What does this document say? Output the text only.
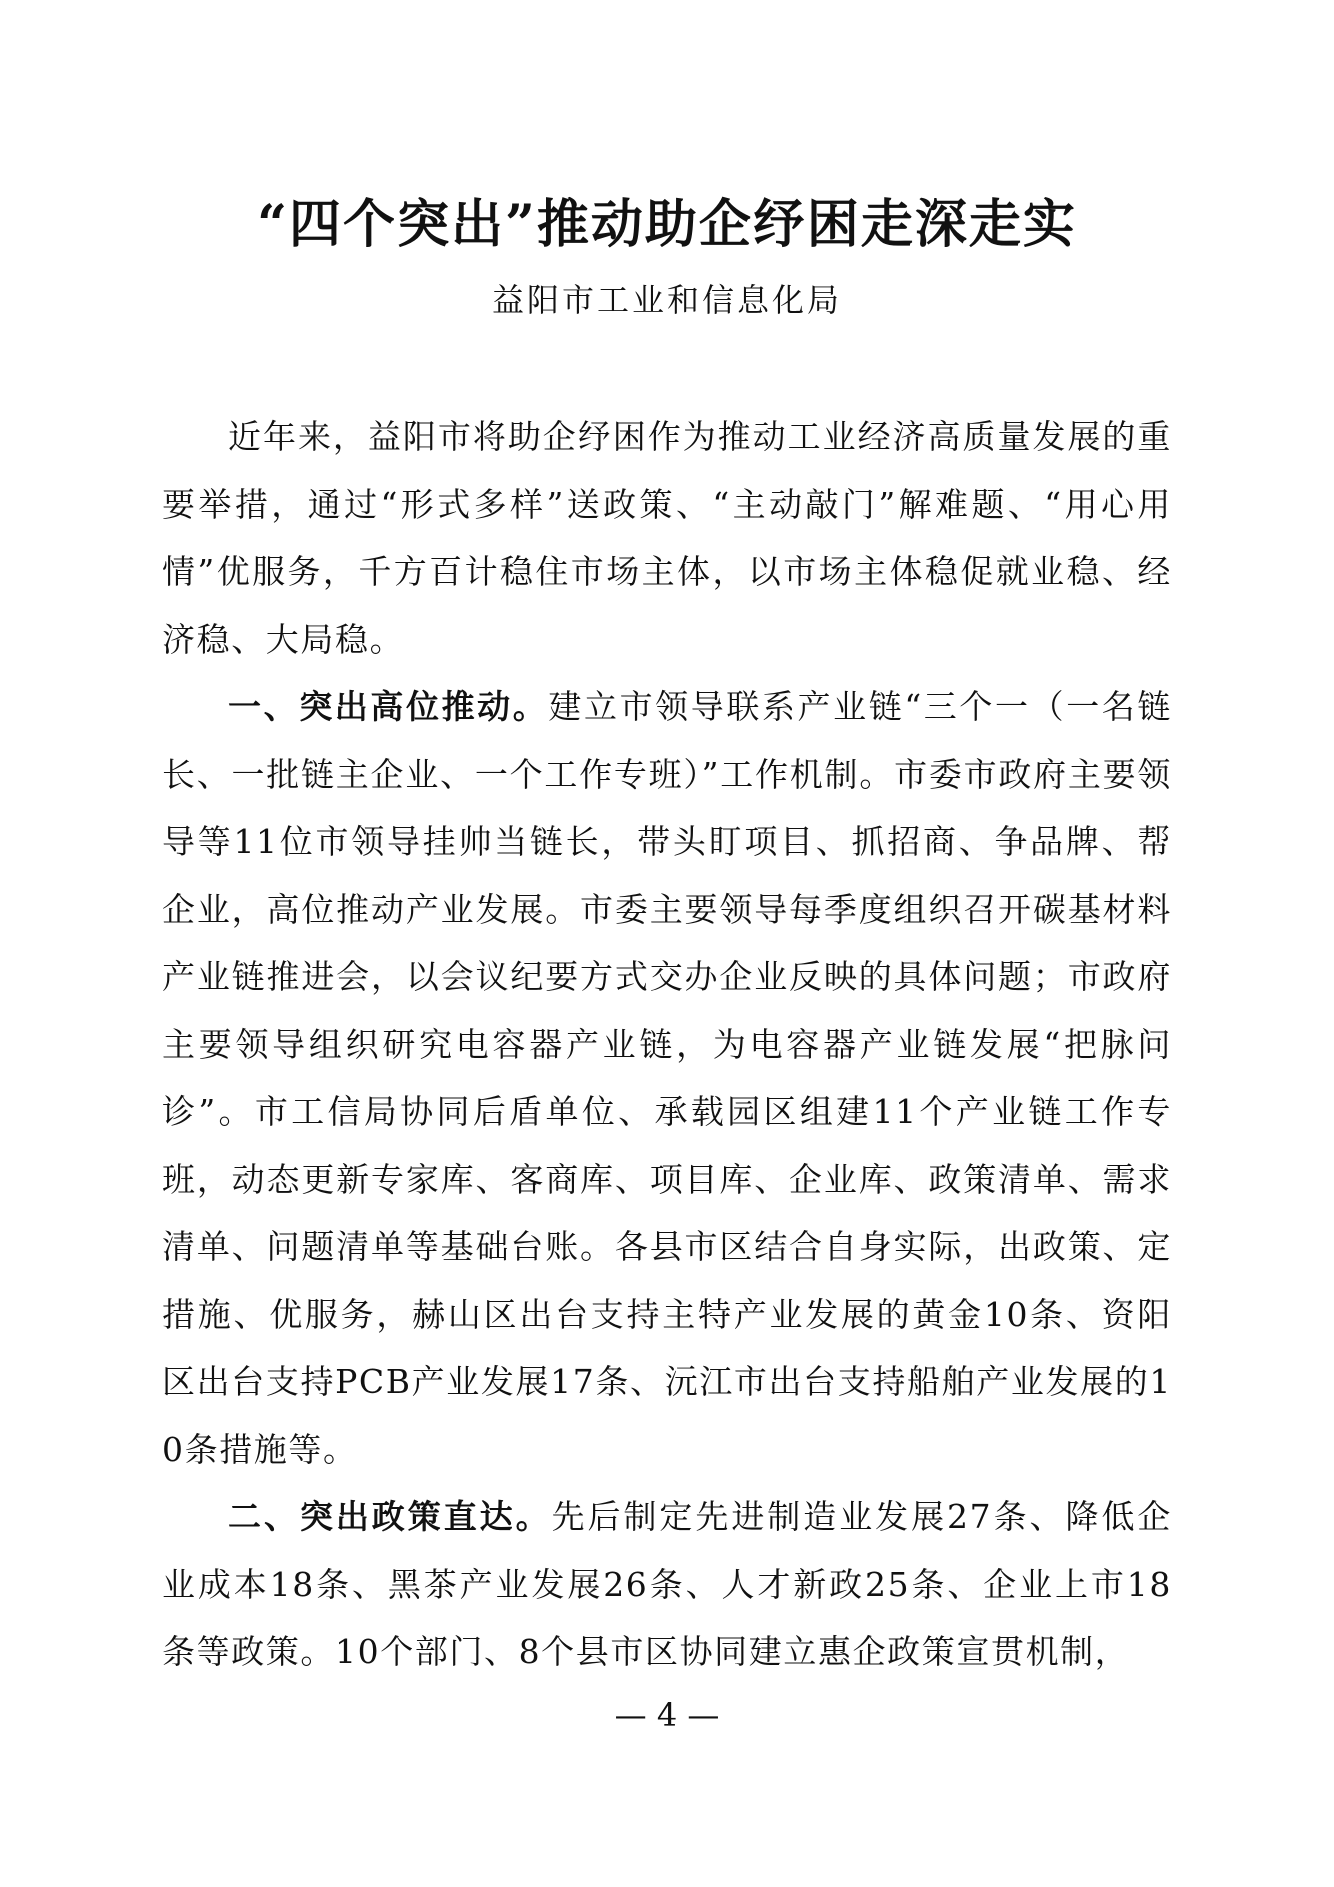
“四个突出”推动助企纾困走深走实
益阳市工业和信息化局

近年来，益阳市将助企纾困作为推动工业经济高质量发展的重要举措，通过“形式多样”送政策、“主动敲门”解难题、“用心用情”优服务，千方百计稳住市场主体，以市场主体稳促就业稳、经济稳、大局稳。

一、突出高位推动。建立市领导联系产业链“三个一（一名链长、一批链主企业、一个工作专班）”工作机制。市委市政府主要领导等11位市领导挂帅当链长，带头盯项目、抓招商、争品牌、帮企业，高位推动产业发展。市委主要领导每季度组织召开碳基材料产业链推进会，以会议纪要方式交办企业反映的具体问题；市政府主要领导组织研究电容器产业链，为电容器产业链发展“把脉问诊”。市工信局协同后盾单位、承载园区组建11个产业链工作专班，动态更新专家库、客商库、项目库、企业库、政策清单、需求清单、问题清单等基础台账。各县市区结合自身实际，出政策、定措施、优服务，赫山区出台支持主特产业发展的黄金10条、资阳区出台支持PCB产业发展17条、沅江市出台支持船舶产业发展的10条措施等。

二、突出政策直达。先后制定先进制造业发展27条、降低企业成本18条、黑茶产业发展26条、人才新政25条、企业上市18条等政策。10个部门、8个县市区协同建立惠企政策宣贯机制，

— 4 —
